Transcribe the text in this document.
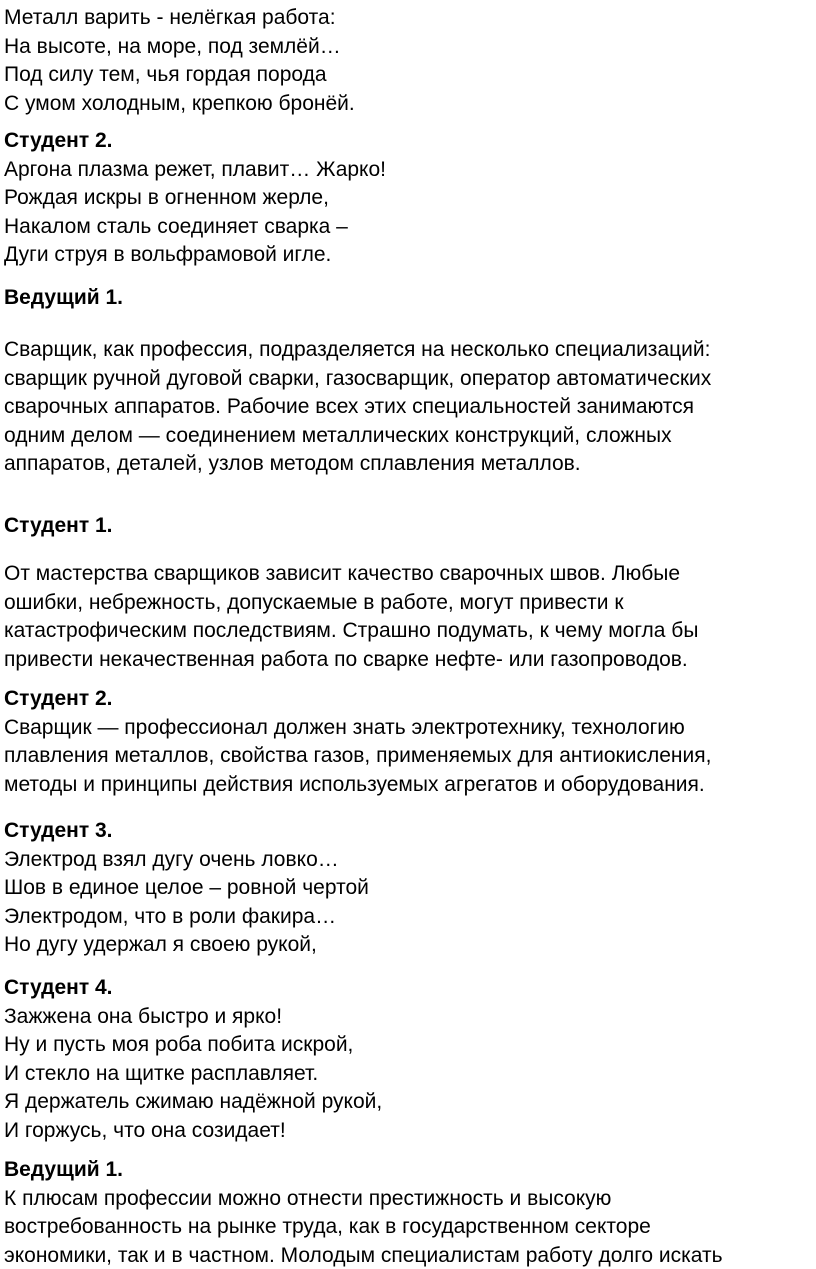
Металл варить - нелёгкая работа:
На высоте, на море, под землёй…
Под силу тем, чья гордая порода
С умом холодным, крепкою бронёй.
Студент 2.
Аргона плазма режет, плавит… Жарко!
Рождая искры в огненном жерле,
Накалом сталь соединяет сварка –
Дуги струя в вольфрамовой игле.
Ведущий 1.
Сварщик, как профессия, подразделяется на несколько специализаций:
сварщик ручной дуговой сварки, газосварщик, оператор автоматических
сварочных аппаратов. Рабочие всех этих специальностей занимаются
одним делом — соединением металлических конструкций, сложных
аппаратов, деталей, узлов методом сплавления металлов.
Студент 1.
От мастерства сварщиков зависит качество сварочных швов. Любые
ошибки, небрежность, допускаемые в работе, могут привести к
катастрофическим последствиям. Страшно подумать, к чему могла бы
привести некачественная работа по сварке нефте- или газопроводов.
Студент 2.
Сварщик — профессионал должен знать электротехнику, технологию
плавления металлов, свойства газов, применяемых для антиокисления,
методы и принципы действия используемых агрегатов и оборудования.
Студент 3.
Электрод взял дугу очень ловко…
Шов в единое целое – ровной чертой
Электродом, что в роли факира…
Но дугу удержал я своею рукой,
Студент 4.
Зажжена она быстро и ярко!
Ну и пусть моя роба побита искрой,
И стекло на щитке расплавляет.
Я держатель сжимаю надёжной рукой,
И горжусь, что она созидает!
Ведущий 1.
К плюсам профессии можно отнести престижность и высокую
востребованность на рынке труда, как в государственном секторе
экономики, так и в частном. Молодым специалистам работу долго искать
